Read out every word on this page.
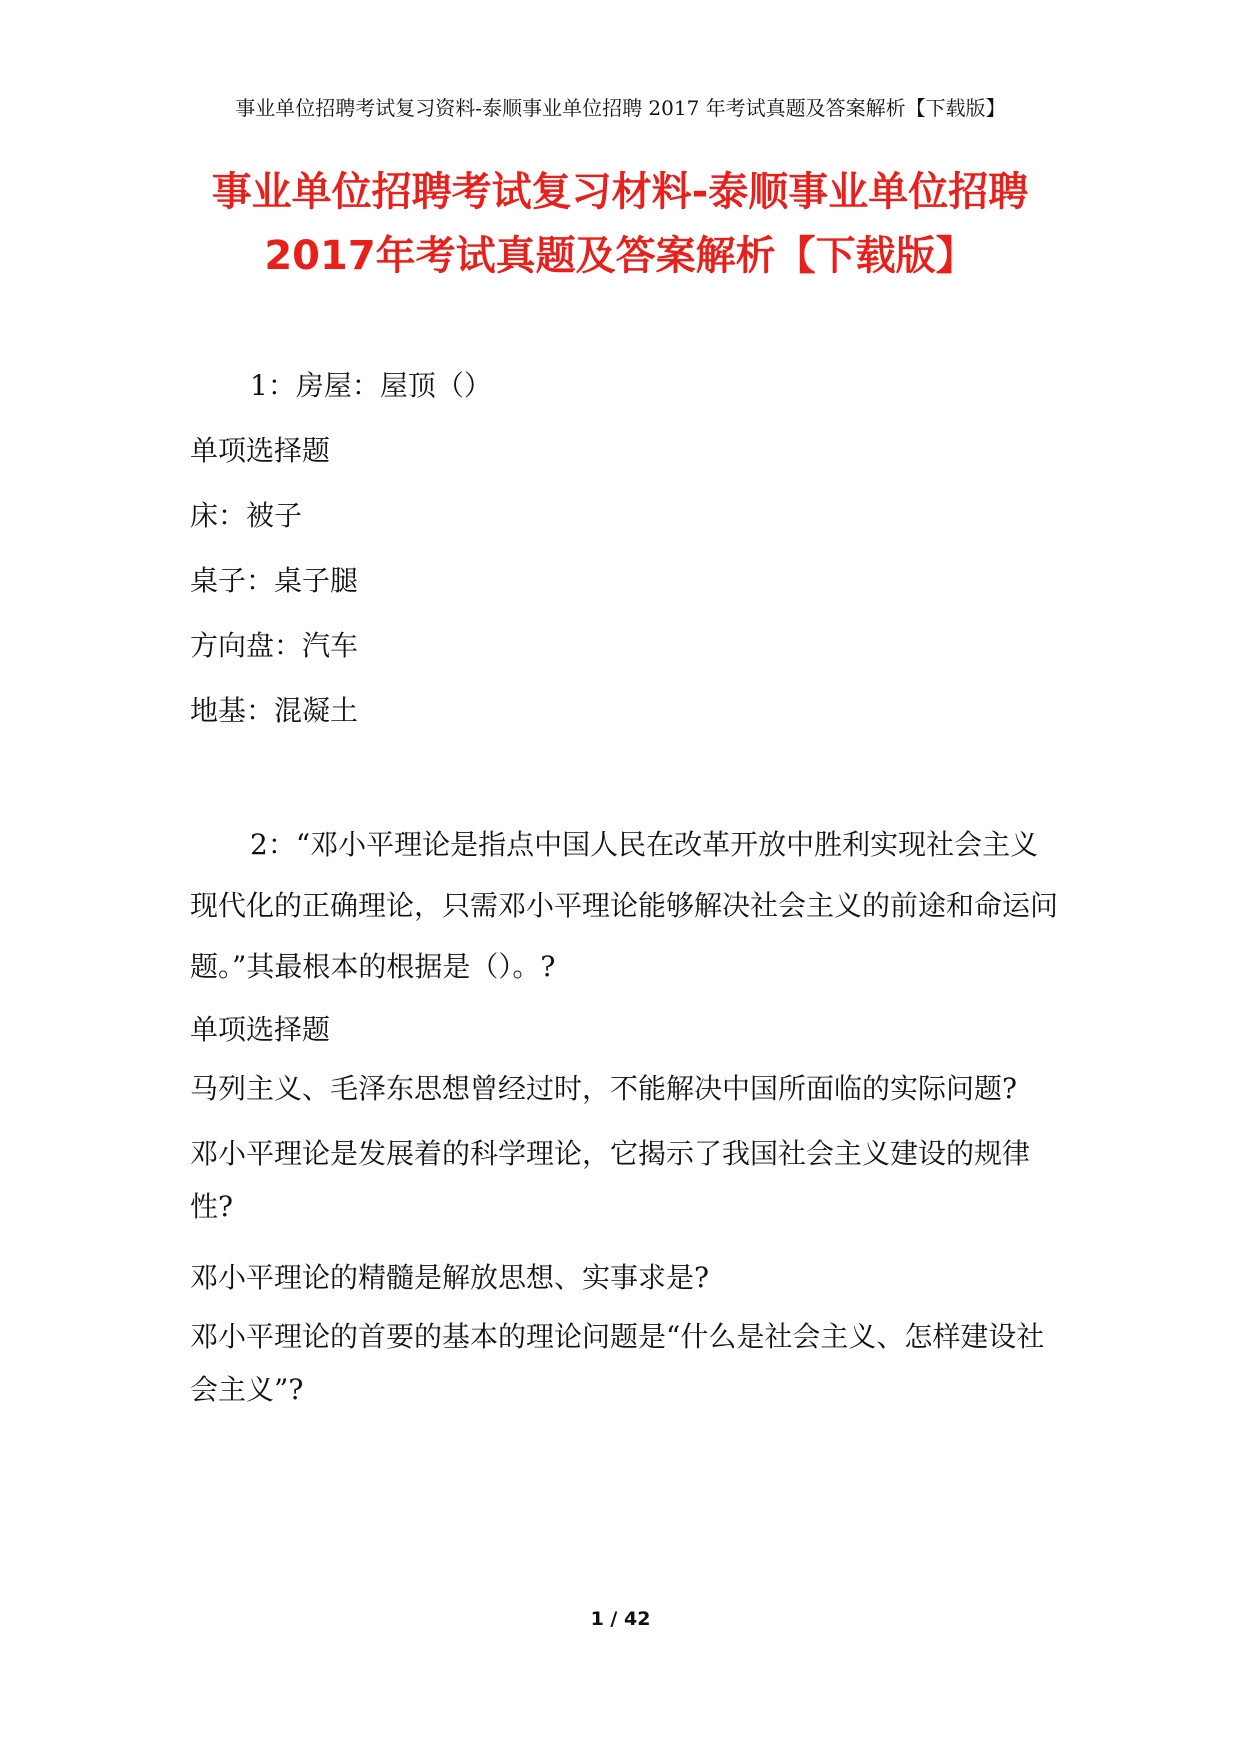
事业单位招聘考试复习资料-泰顺事业单位招聘 2017 年考试真题及答案解析【下载版】
事业单位招聘考试复习材料-泰顺事业单位招聘2017年考试真题及答案解析【下载版】

1：房屋：屋顶（）

单项选择题

床：被子

桌子：桌子腿

方向盘：汽车

地基：混凝土

2：“邓小平理论是指点中国人民在改革开放中胜利实现社会主义现代化的正确理论，只需邓小平理论能够解决社会主义的前途和命运问题。”其最根本的根据是（）。?

单项选择题

马列主义、毛泽东思想曾经过时，不能解决中国所面临的实际问题?

邓小平理论是发展着的科学理论，它揭示了我国社会主义建设的规律性?

邓小平理论的精髓是解放思想、实事求是?

邓小平理论的首要的基本的理论问题是“什么是社会主义、怎样建设社会主义”?

1 / 42
